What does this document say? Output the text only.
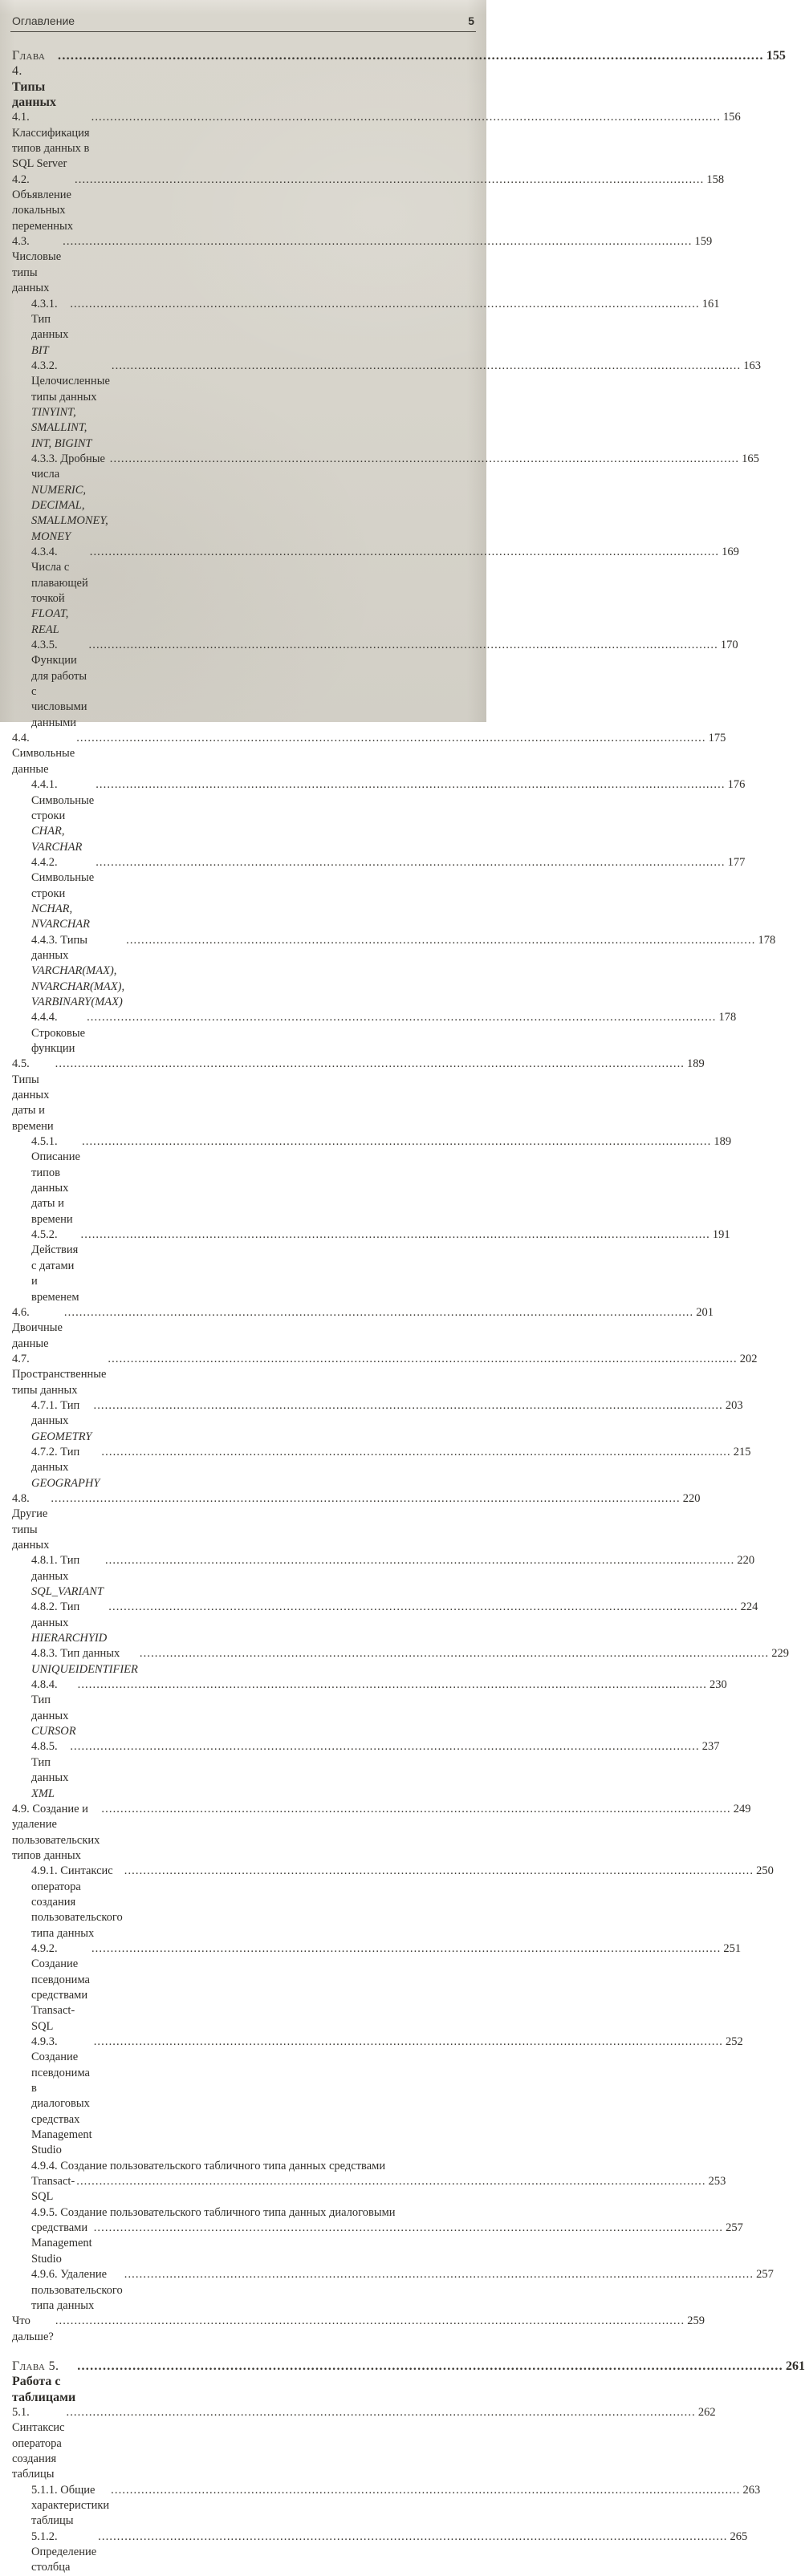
Оглавление	5
Глава 4. Типы данных
.....
155
4.1. Классификация типов данных в SQL Server
.....
156
4.2. Объявление локальных переменных
.....
158
4.3. Числовые типы данных
.....
159
4.3.1. Тип данных BIT
.....
161
4.3.2. Целочисленные типы данных TINYINT, SMALLINT, INT, BIGINT
.....
163
4.3.3. Дробные числа NUMERIC, DECIMAL, SMALLMONEY, MONEY
.....
165
4.3.4. Числа с плавающей точкой FLOAT, REAL
.....
169
4.3.5. Функции для работы с числовыми данными
.....
170
4.4. Символьные данные
.....
175
4.4.1. Символьные строки CHAR, VARCHAR
.....
176
4.4.2. Символьные строки NCHAR, NVARCHAR
.....
177
4.4.3. Типы данных VARCHAR(MAX), NVARCHAR(MAX), VARBINARY(MAX)
.....
178
4.4.4. Строковые функции
.....
178
4.5. Типы данных даты и времени
.....
189
4.5.1. Описание типов данных даты и времени
.....
189
4.5.2. Действия с датами и временем
.....
191
4.6. Двоичные данные
.....
201
4.7. Пространственные типы данных
.....
202
4.7.1. Тип данных GEOMETRY
.....
203
4.7.2. Тип данных GEOGRAPHY
.....
215
4.8. Другие типы данных
.....
220
4.8.1. Тип данных SQL_VARIANT
.....
220
4.8.2. Тип данных HIERARCHYID
.....
224
4.8.3. Тип данных UNIQUEIDENTIFIER
.....
229
4.8.4. Тип данных CURSOR
.....
230
4.8.5. Тип данных XML
.....
237
4.9. Создание и удаление пользовательских типов данных
.....
249
4.9.1. Синтаксис оператора создания пользовательского типа данных
.....
250
4.9.2. Создание псевдонима средствами Transact-SQL
.....
251
4.9.3. Создание псевдонима в диалоговых средствах Management Studio
.....
252
4.9.4. Создание пользовательского табличного типа данных средствами
Transact-SQL
.....
253
4.9.5. Создание пользовательского табличного типа данных диалоговыми
средствами Management Studio
.....
257
4.9.6. Удаление пользовательского типа данных
.....
257
Что дальше?
.....
259
Глава 5. Работа с таблицами
.....
261
5.1. Синтаксис оператора создания таблицы
.....
262
5.1.1. Общие характеристики таблицы
.....
263
5.1.2. Определение столбца
.....
265
